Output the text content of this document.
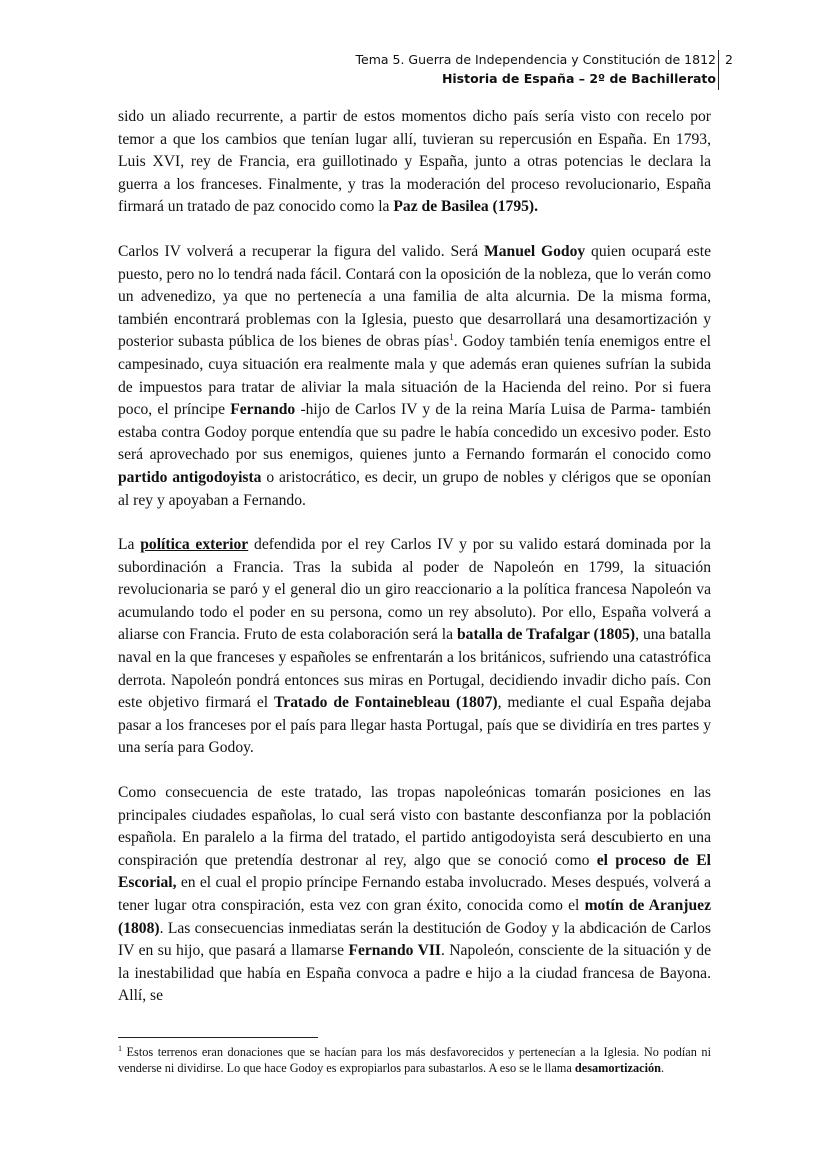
Tema 5. Guerra de Independencia y Constitución de 1812
Historia de España – 2º de Bachillerato
2

sido un aliado recurrente, a partir de estos momentos dicho país sería visto con recelo por temor a que los cambios que tenían lugar allí, tuvieran su repercusión en España. En 1793, Luis XVI, rey de Francia, era guillotinado y España, junto a otras potencias le declara la guerra a los franceses. Finalmente, y tras la moderación del proceso revolucionario, España firmará un tratado de paz conocido como la Paz de Basilea (1795).

Carlos IV volverá a recuperar la figura del valido. Será Manuel Godoy quien ocupará este puesto, pero no lo tendrá nada fácil. Contará con la oposición de la nobleza, que lo verán como un advenedizo, ya que no pertenecía a una familia de alta alcurnia. De la misma forma, también encontrará problemas con la Iglesia, puesto que desarrollará una desamortización y posterior subasta pública de los bienes de obras pías$^1$. Godoy también tenía enemigos entre el campesinado, cuya situación era realmente mala y que además eran quienes sufrían la subida de impuestos para tratar de aliviar la mala situación de la Hacienda del reino. Por si fuera poco, el príncipe Fernando -hijo de Carlos IV y de la reina María Luisa de Parma- también estaba contra Godoy porque entendía que su padre le había concedido un excesivo poder. Esto será aprovechado por sus enemigos, quienes junto a Fernando formarán el conocido como partido antigodoyista o aristocrático, es decir, un grupo de nobles y clérigos que se oponían al rey y apoyaban a Fernando.

La política exterior defendida por el rey Carlos IV y por su valido estará dominada por la subordinación a Francia. Tras la subida al poder de Napoleón en 1799, la situación revolucionaria se paró y el general dio un giro reaccionario a la política francesa Napoleón va acumulando todo el poder en su persona, como un rey absoluto). Por ello, España volverá a aliarse con Francia. Fruto de esta colaboración será la batalla de Trafalgar (1805), una batalla naval en la que franceses y españoles se enfrentarán a los británicos, sufriendo una catastrófica derrota. Napoleón pondrá entonces sus miras en Portugal, decidiendo invadir dicho país. Con este objetivo firmará el Tratado de Fontainebleau (1807), mediante el cual España dejaba pasar a los franceses por el país para llegar hasta Portugal, país que se dividiría en tres partes y una sería para Godoy.

Como consecuencia de este tratado, las tropas napoleónicas tomarán posiciones en las principales ciudades españolas, lo cual será visto con bastante desconfianza por la población española. En paralelo a la firma del tratado, el partido antigodoyista será descubierto en una conspiración que pretendía destronar al rey, algo que se conoció como el proceso de El Escorial, en el cual el propio príncipe Fernando estaba involucrado. Meses después, volverá a tener lugar otra conspiración, esta vez con gran éxito, conocida como el motín de Aranjuez (1808). Las consecuencias inmediatas serán la destitución de Godoy y la abdicación de Carlos IV en su hijo, que pasará a llamarse Fernando VII. Napoleón, consciente de la situación y de la inestabilidad que había en España convoca a padre e hijo a la ciudad francesa de Bayona. Allí, se

$^1$ Estos terrenos eran donaciones que se hacían para los más desfavorecidos y pertenecían a la Iglesia. No podían ni venderse ni dividirse. Lo que hace Godoy es expropiarlos para subastarlos. A eso se le llama desamortización.
